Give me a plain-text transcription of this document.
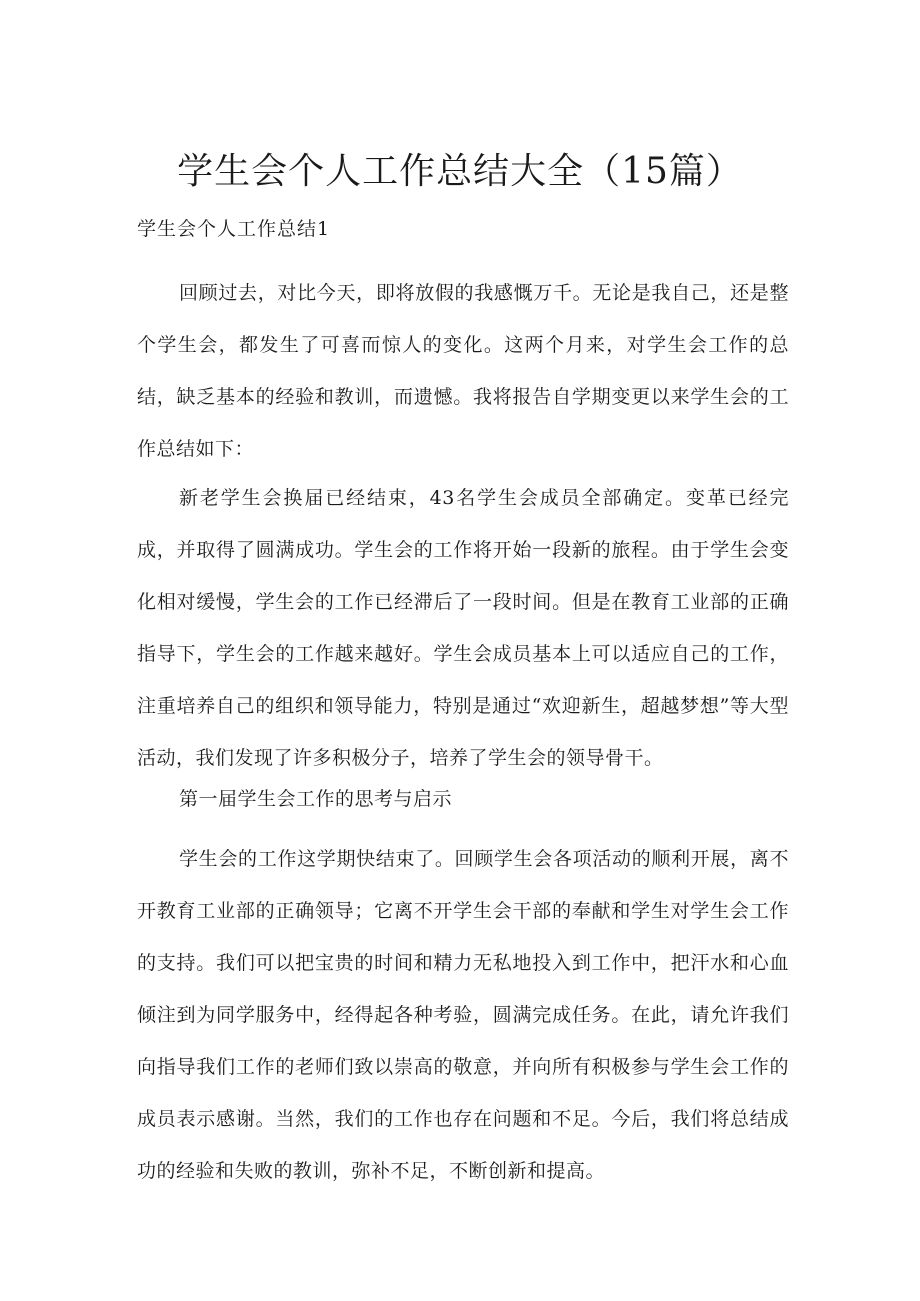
学生会个人工作总结大全（15篇）

学生会个人工作总结1

回顾过去，对比今天，即将放假的我感慨万千。无论是我自己，还是整个学生会，都发生了可喜而惊人的变化。这两个月来，对学生会工作的总结，缺乏基本的经验和教训，而遗憾。我将报告自学期变更以来学生会的工作总结如下：

新老学生会换届已经结束，43名学生会成员全部确定。变革已经完成，并取得了圆满成功。学生会的工作将开始一段新的旅程。由于学生会变化相对缓慢，学生会的工作已经滞后了一段时间。但是在教育工业部的正确指导下，学生会的工作越来越好。学生会成员基本上可以适应自己的工作，注重培养自己的组织和领导能力，特别是通过“欢迎新生，超越梦想”等大型活动，我们发现了许多积极分子，培养了学生会的领导骨干。

第一届学生会工作的思考与启示

学生会的工作这学期快结束了。回顾学生会各项活动的顺利开展，离不开教育工业部的正确领导；它离不开学生会干部的奉献和学生对学生会工作的支持。我们可以把宝贵的时间和精力无私地投入到工作中，把汗水和心血倾注到为同学服务中，经得起各种考验，圆满完成任务。在此，请允许我们向指导我们工作的老师们致以崇高的敬意，并向所有积极参与学生会工作的成员表示感谢。当然，我们的工作也存在问题和不足。今后，我们将总结成功的经验和失败的教训，弥补不足，不断创新和提高。
